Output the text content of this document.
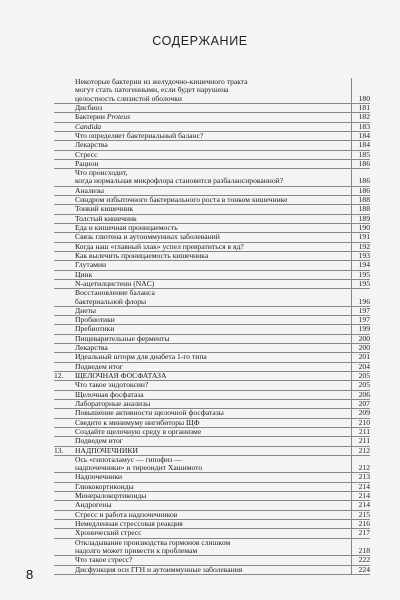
СОДЕРЖАНИЕ
Некоторые бактерии из желудочно-кишечного тракта
могут стать патогенными, если будет нарушена
целостность слизистой оболочки	180
Дисбиоз	181
Бактерии Proteus	182
Candida	183
Что определяет бактериальный баланс?	184
Лекарства	184
Стресс	185
Рацион	186
Что происходит,
когда нормальная микрофлора становится разбалансированной?	186
Анализы	186
Синдром избыточного бактериального роста в тонком кишечнике	188
Тонкий кишечник	188
Толстый кишечник	189
Еда и кишечная проницаемость	190
Связь глютена и аутоиммунных заболеваний	191
Когда наш «главный злак» успел превратиться в яд?	192
Как вылечить проницаемость кишечника	193
Глутамин	194
Цинк	195
N-ацетилцистеин (NAC)	195
Восстановление баланса
бактериальной флоры	196
Диеты	197
Пробиотики	197
Пребиотики	199
Пищеварительные ферменты	200
Лекарства	200
Идеальный шторм для диабета 1-го типа	201
Подведем итог	204
12.	ЩЕЛОЧНАЯ ФОСФАТАЗА	205
Что такое эндотоксин?	205
Щелочная фосфатаза	206
Лабораторные анализы	207
Повышение активности щелочной фосфатазы	209
Сведите к минимуму ингибиторы ЩФ	210
Создайте щелочную среду в организме	211
Подведем итог	211
13.	НАДПОЧЕЧНИКИ	212
Ось «гипоталамус — гипофиз —
надпочечники» и тиреоидит Хашимото	212
Надпочечники	213
Глюкокортикоиды	214
Минералокортикоиды	214
Андрогены	214
Стресс и работа надпочечников	215
Немедленная стрессовая реакция	216
Хронический стресс	217
Откладывание производства гормонов слишком
надолго может привести к проблемам	218
Что такое стресс?	222
Дисфункция оси ГГН и аутоиммунные заболевания	224
8
